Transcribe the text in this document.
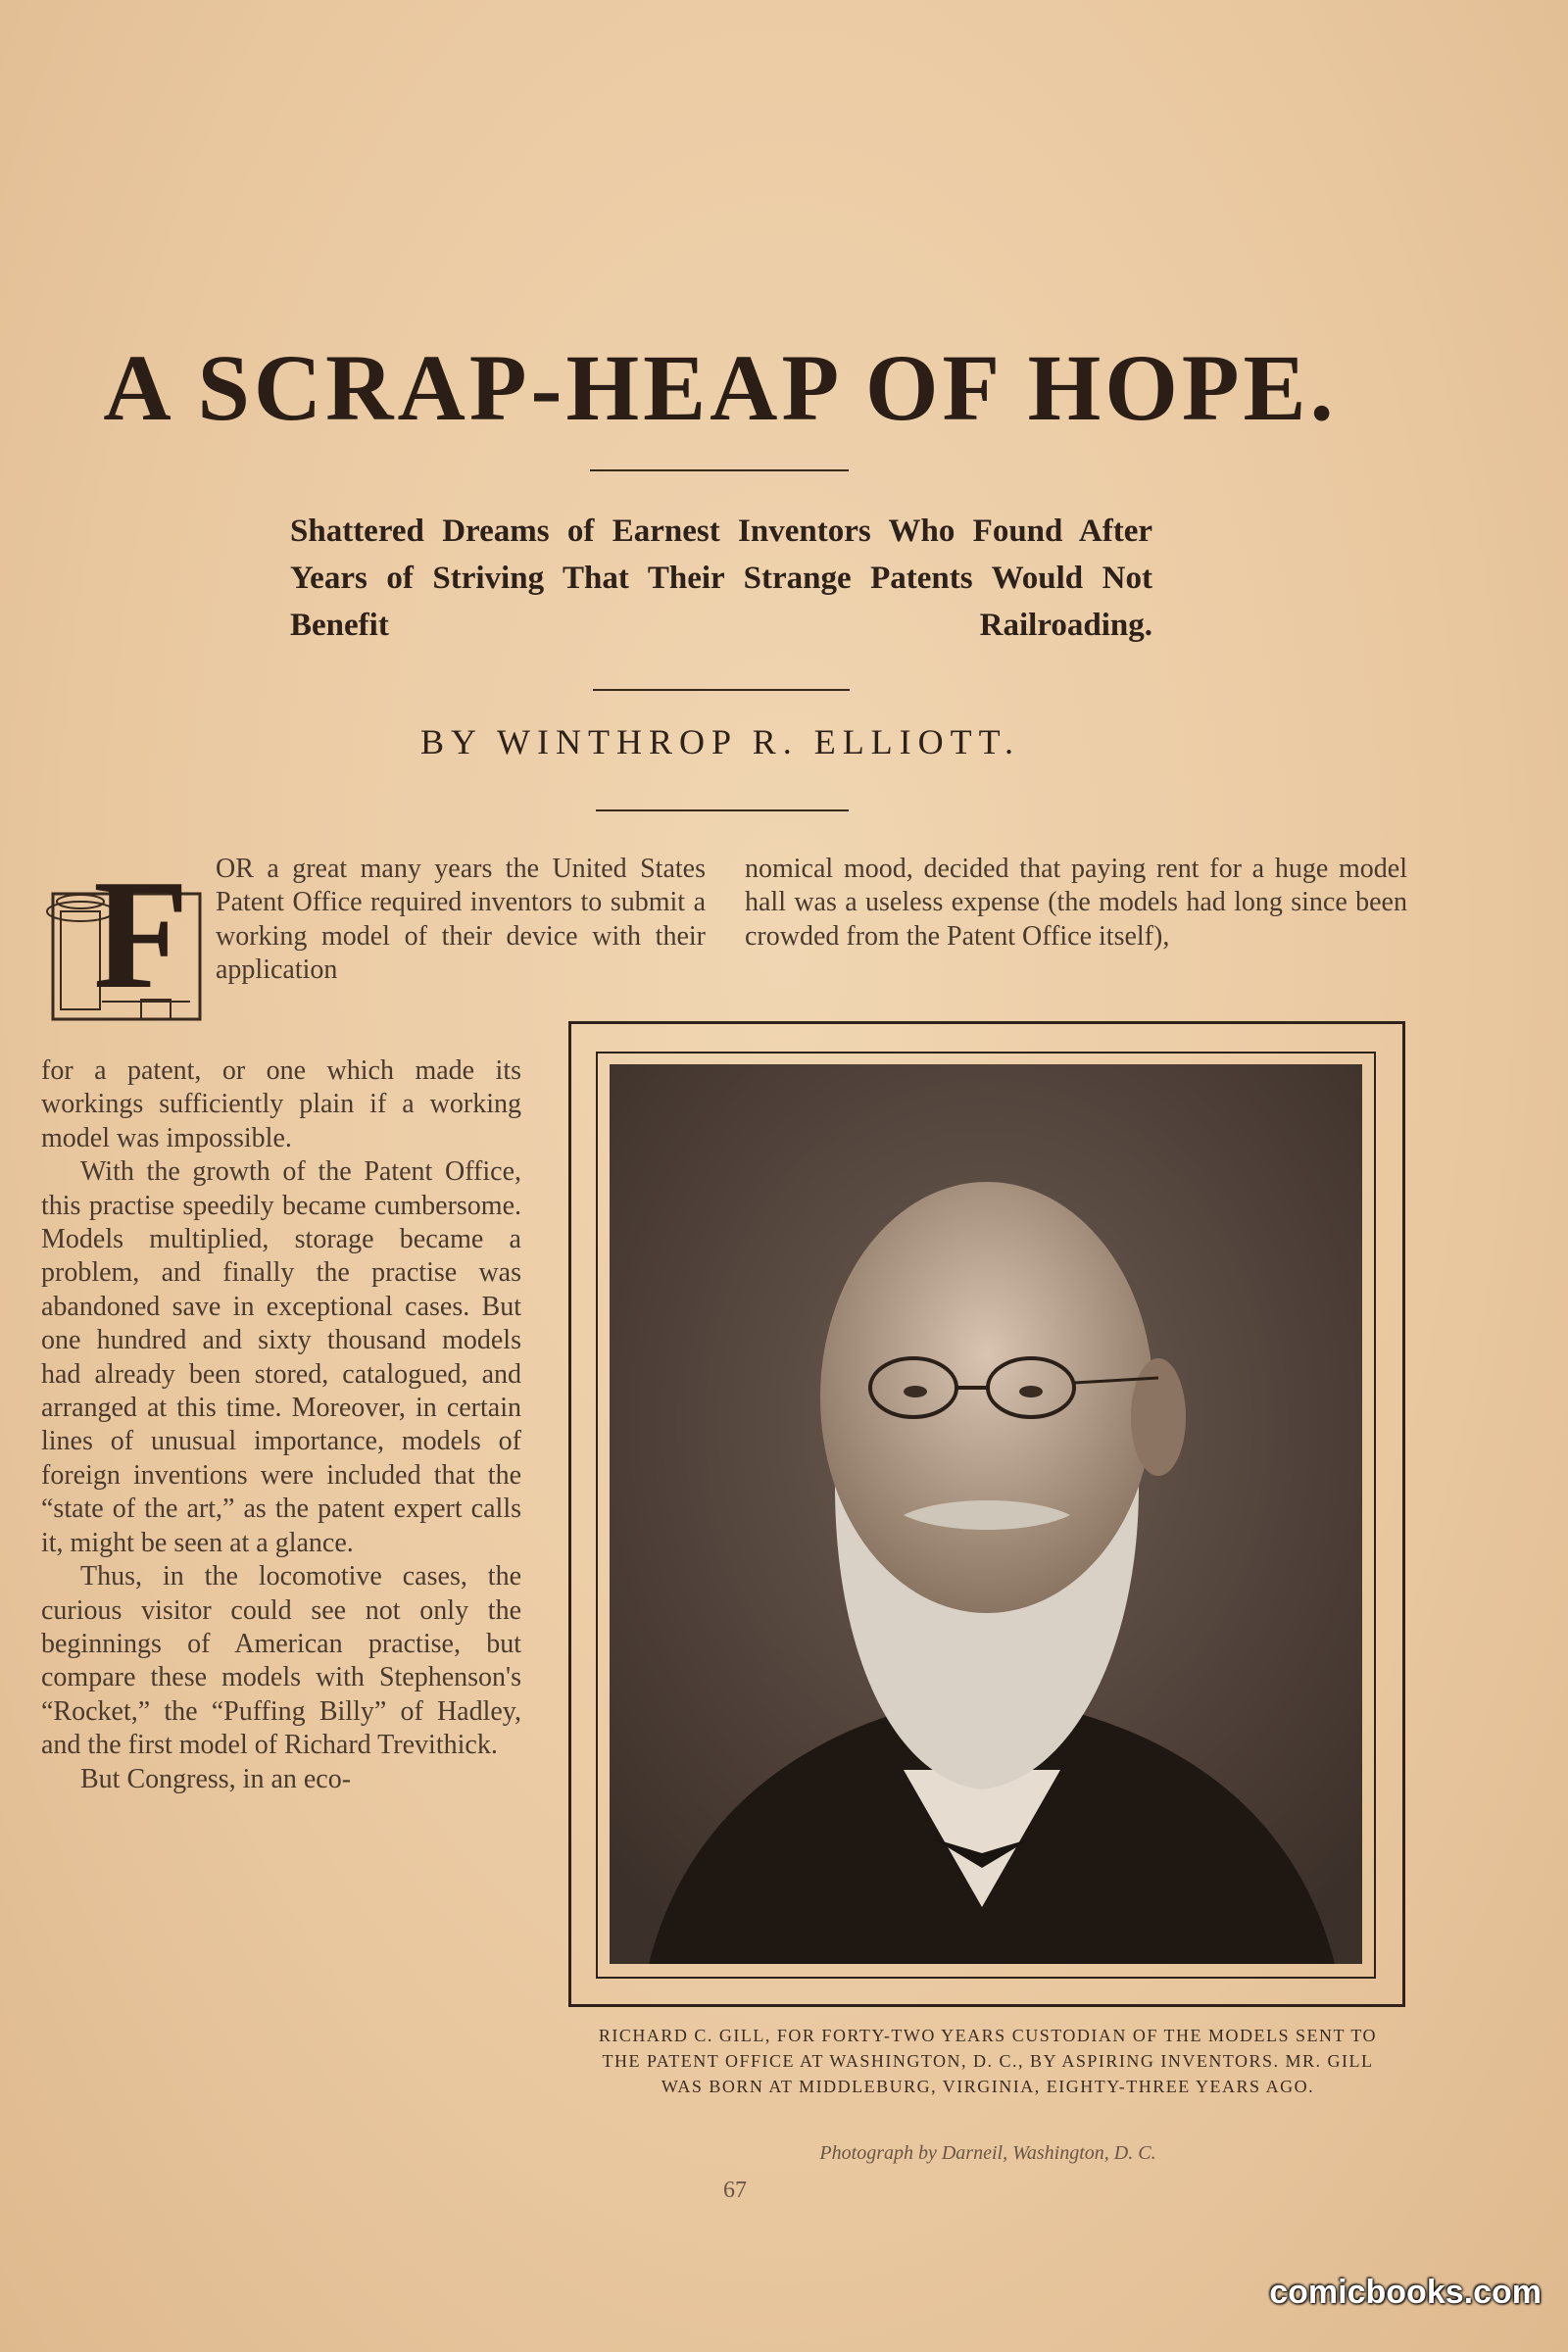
A SCRAP-HEAP OF HOPE.
Shattered Dreams of Earnest Inventors Who Found After Years of Striving That Their Strange Patents Would Not Benefit Railroading.
BY WINTHROP R. ELLIOTT.
F OR a great many years the United States Patent Office required inventors to submit a working model of their device with their application

for a patent, or one which made its workings sufficiently plain if a working model was impossible.

With the growth of the Patent Office, this practise speedily became cumbersome. Models multiplied, storage became a problem, and finally the practise was abandoned save in exceptional cases. But one hundred and sixty thousand models had already been stored, catalogued, and arranged at this time. Moreover, in certain lines of unusual importance, models of foreign inventions were included that the “state of the art,” as the patent expert calls it, might be seen at a glance.

Thus, in the locomotive cases, the curious visitor could see not only the beginnings of American practise, but compare these models with Stephenson's “Rocket,” the “Puffing Billy” of Hadley, and the first model of Richard Trevithick.

But Congress, in an eco-

nomical mood, decided that paying rent for a huge model hall was a useless expense (the models had long since been crowded from the Patent Office itself),

RICHARD C. GILL, FOR FORTY-TWO YEARS CUSTODIAN OF THE MODELS SENT TO THE PATENT OFFICE AT WASHINGTON, D. C., BY ASPIRING INVENTORS. MR. GILL WAS BORN AT MIDDLEBURG, VIRGINIA, EIGHTY-THREE YEARS AGO.
Photograph by Darneil, Washington, D. C.
67
comicbooks.com
